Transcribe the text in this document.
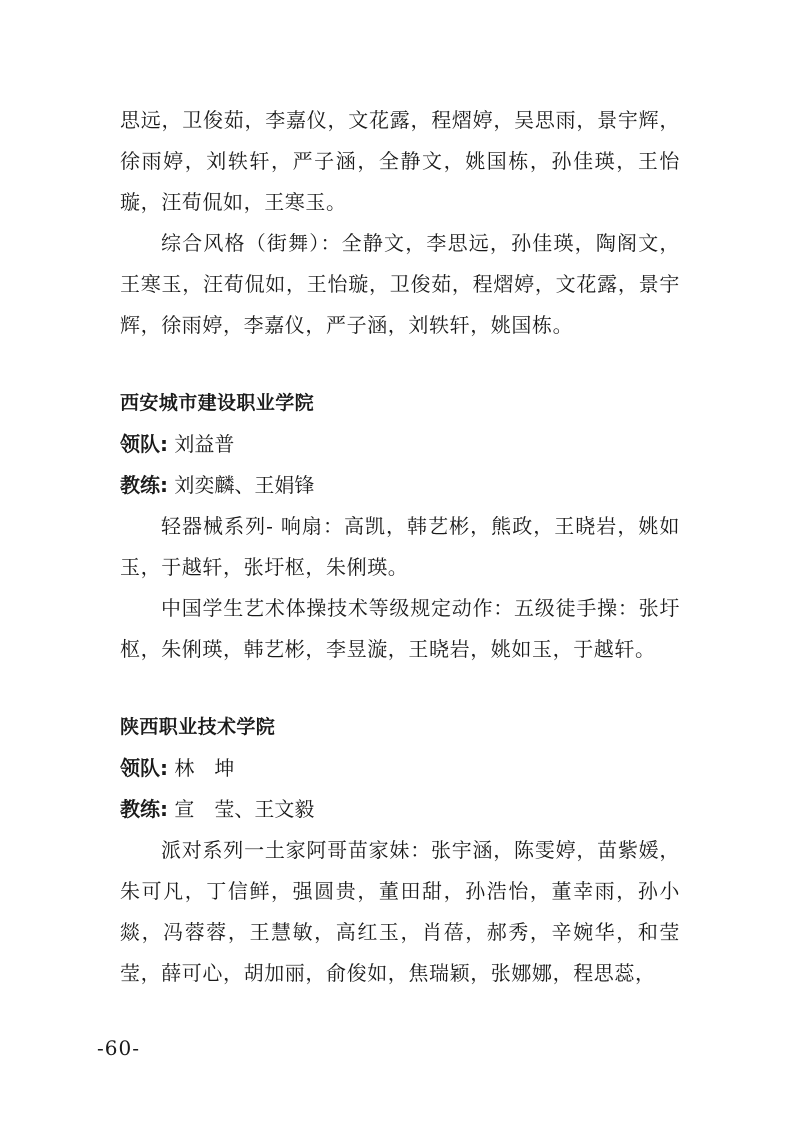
思远，卫俊茹，李嘉仪，文花露，程熠婷，吴思雨，景宇辉，徐雨婷，刘轶轩，严子涵，全静文，姚国栋，孙佳瑛，王怡璇，汪荀侃如，王寒玉。

综合风格（街舞）：全静文，李思远，孙佳瑛，陶阁文，王寒玉，汪荀侃如，王怡璇，卫俊茹，程熠婷，文花露，景宇辉，徐雨婷，李嘉仪，严子涵，刘轶轩，姚国栋。

西安城市建设职业学院
领队: 刘益普
教练: 刘奕麟、王娟锋

轻器械系列- 响扇：高凯，韩艺彬，熊政，王晓岩，姚如玉，于越轩，张圩枢，朱俐瑛。

中国学生艺术体操技术等级规定动作：五级徒手操：张圩枢，朱俐瑛，韩艺彬，李昱漩，王晓岩，姚如玉，于越轩。

陕西职业技术学院
领队: 林　坤
教练: 宣　莹、王文毅

派对系列一土家阿哥苗家妹：张宇涵，陈雯婷，苗紫媛，朱可凡，丁信鲜，强圆贵，董田甜，孙浩怡，董幸雨，孙小燚，冯蓉蓉，王慧敏，高红玉，肖蓓，郝秀，辛婉华，和莹莹，薛可心，胡加丽，俞俊如，焦瑞颖，张娜娜，程思蕊，

-60-
